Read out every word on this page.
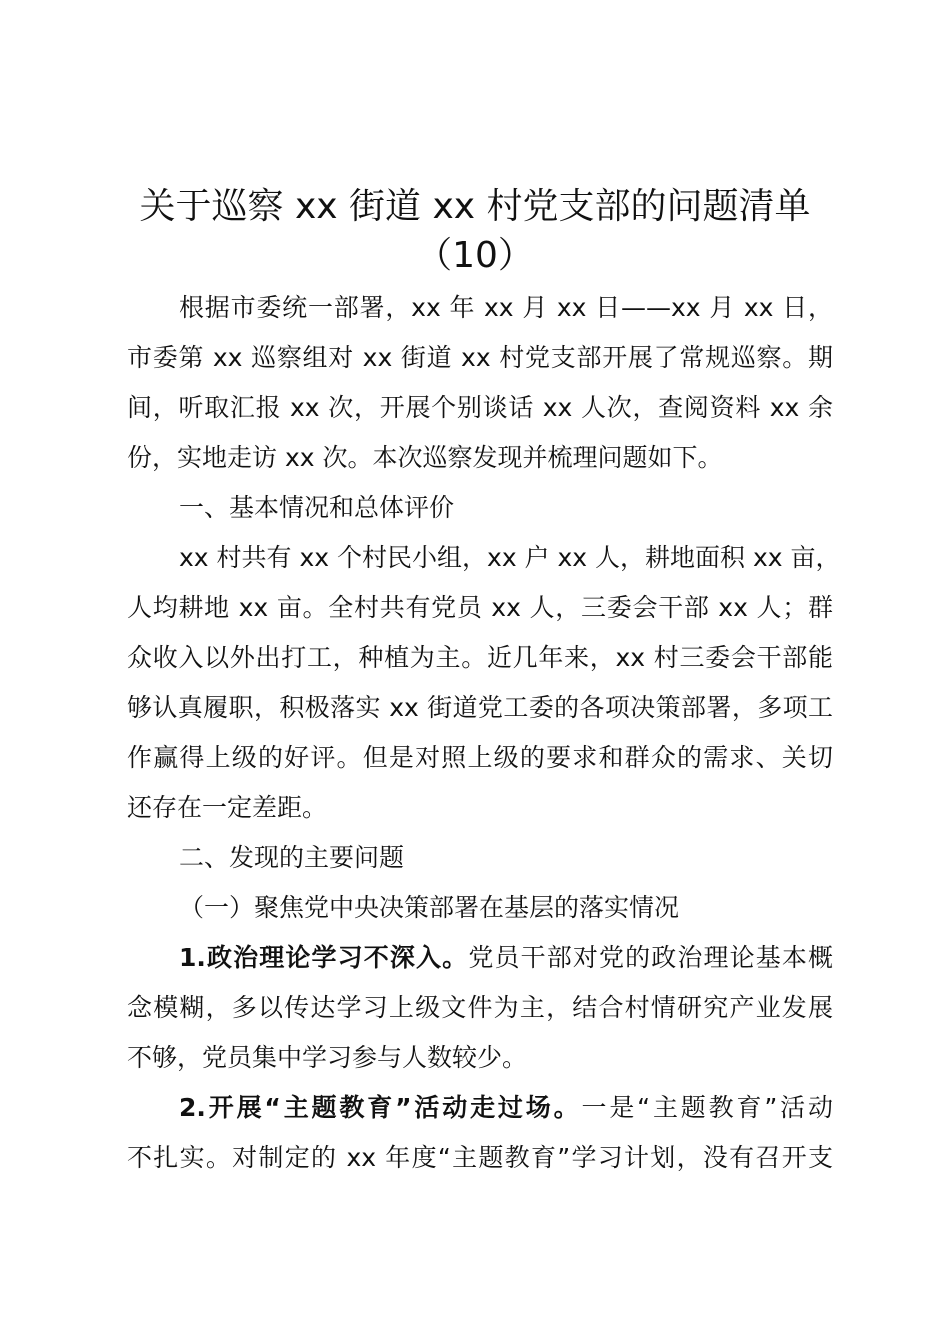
关于巡察 xx 街道 xx 村党支部的问题清单
（10）
根据市委统一部署，xx 年 xx 月 xx 日——xx 月 xx 日，
市委第 xx 巡察组对 xx 街道 xx 村党支部开展了常规巡察。期
间，听取汇报 xx 次，开展个别谈话 xx 人次，查阅资料 xx 余
份，实地走访 xx 次。本次巡察发现并梳理问题如下。
一、基本情况和总体评价
xx 村共有 xx 个村民小组，xx 户 xx 人，耕地面积 xx 亩，
人均耕地 xx 亩。全村共有党员 xx 人，三委会干部 xx 人；群
众收入以外出打工，种植为主。近几年来，xx 村三委会干部能
够认真履职，积极落实 xx 街道党工委的各项决策部署，多项工
作赢得上级的好评。但是对照上级的要求和群众的需求、关切
还存在一定差距。
二、发现的主要问题
（一）聚焦党中央决策部署在基层的落实情况
1.政治理论学习不深入。党员干部对党的政治理论基本概
念模糊，多以传达学习上级文件为主，结合村情研究产业发展
不够，党员集中学习参与人数较少。
2.开展“主题教育”活动走过场。一是“主题教育”活动
不扎实。对制定的 xx 年度“主题教育”学习计划，没有召开支
